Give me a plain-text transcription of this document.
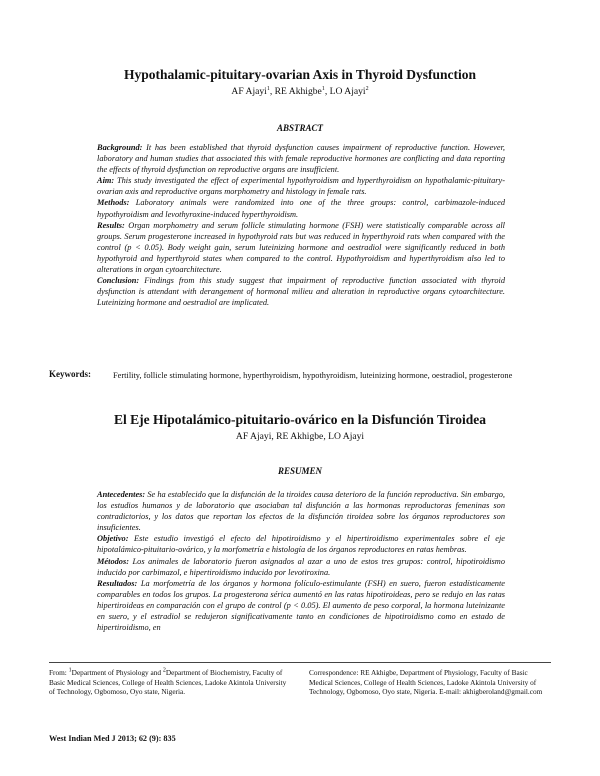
Hypothalamic-pituitary-ovarian Axis in Thyroid Dysfunction
AF Ajayi$^1$, RE Akhigbe$^1$, LO Ajayi$^2$
ABSTRACT

Background: It has been established that thyroid dysfunction causes impairment of reproductive function. However, laboratory and human studies that associated this with female reproductive hormones are conflicting and data reporting the effects of thyroid dysfunction on reproductive organs are insufficient.

Aim: This study investigated the effect of experimental hypothyroidism and hyperthyroidism on hypothalamic-pituitary-ovarian axis and reproductive organs morphometry and histology in female rats.

Methods: Laboratory animals were randomized into one of the three groups: control, carbimazole-induced hypothyroidism and levothyroxine-induced hyperthyroidism.

Results: Organ morphometry and serum follicle stimulating hormone (FSH) were statistically comparable across all groups. Serum progesterone increased in hypothyroid rats but was reduced in hyperthyroid rats when compared with the control (p < 0.05). Body weight gain, serum luteinizing hormone and oestradiol were significantly reduced in both hypothyroid and hyperthyroid states when compared to the control. Hypothyroidism and hyperthyroidism also led to alterations in organ cytoarchitecture.

Conclusion: Findings from this study suggest that impairment of reproductive function associated with thyroid dysfunction is attendant with derangement of hormonal milieu and alteration in reproductive organs cytoarchitecture. Luteinizing hormone and oestradiol are implicated.

Keywords:	Fertility, follicle stimulating hormone, hyperthyroidism, hypothyroidism, luteinizing hormone, oestradiol, progesterone
El Eje Hipotalámico-pituitario-ovárico en la Disfunción Tiroidea
AF Ajayi, RE Akhigbe, LO Ajayi
RESUMEN

Antecedentes: Se ha establecido que la disfunción de la tiroides causa deterioro de la función reproductiva. Sin embargo, los estudios humanos y de laboratorio que asociaban tal disfunción a las hormonas reproductoras femeninas son contradictorios, y los datos que reportan los efectos de la disfunción tiroidea sobre los órganos reproductores son insuficientes.

Objetivo: Este estudio investigó el efecto del hipotiroidismo y el hipertiroidismo experimentales sobre el eje hipotalámico-pituitario-ovárico, y la morfometría e histología de los órganos reproductores en ratas hembras.

Métodos: Los animales de laboratorio fueron asignados al azar a uno de estos tres grupos: control, hipotiroidismo inducido por carbimazol, e hipertiroidismo inducido por levotiroxina.

Resultados: La morfometría de los órganos y hormona folículo-estimulante (FSH) en suero, fueron estadísticamente comparables en todos los grupos. La progesterona sérica aumentó en las ratas hipotiroideas, pero se redujo en las ratas hipertiroideas en comparación con el grupo de control (p < 0.05). El aumento de peso corporal, la hormona luteinizante en suero, y el estradiol se redujeron significativamente tanto en condiciones de hipotiroidismo como en estado de hipertiroidismo, en

From: $^1$Department of Physiology and $^2$Department of Biochemistry, Faculty of Basic Medical Sciences, College of Health Sciences, Ladoke Akintola University of Technology, Ogbomoso, Oyo state, Nigeria.
Correspondence: RE Akhigbe, Department of Physiology, Faculty of Basic Medical Sciences, College of Health Sciences, Ladoke Akintola University of Technology, Ogbomoso, Oyo state, Nigeria. E-mail: akhigberoland@gmail.com
West Indian Med J 2013; 62 (9): 835
